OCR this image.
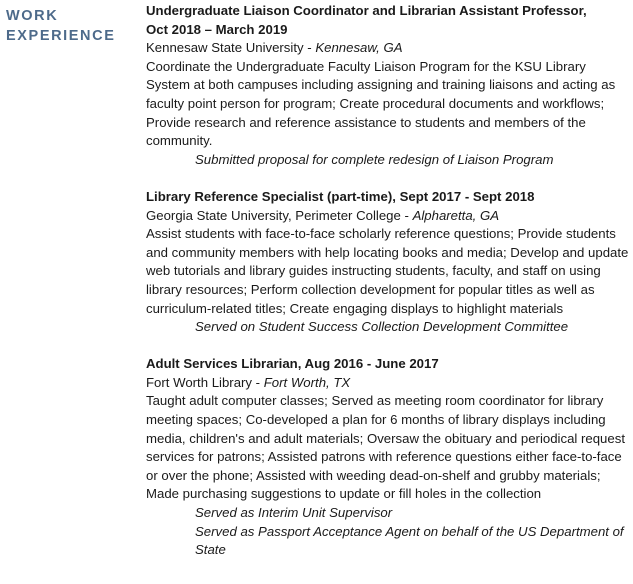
WORK
EXPERIENCE
Undergraduate Liaison Coordinator and Librarian Assistant Professor,
Oct 2018 – March 2019
Kennesaw State University - Kennesaw, GA
Coordinate the Undergraduate Faculty Liaison Program for the KSU Library System at both campuses including assigning and training liaisons and acting as faculty point person for program; Create procedural documents and workflows; Provide research and reference assistance to students and members of the community.
Submitted proposal for complete redesign of Liaison Program
Library Reference Specialist (part-time), Sept 2017 - Sept 2018
Georgia State University, Perimeter College - Alpharetta, GA
Assist students with face-to-face scholarly reference questions; Provide students and community members with help locating books and media; Develop and update web tutorials and library guides instructing students, faculty, and staff on using library resources; Perform collection development for popular titles as well as curriculum-related titles; Create engaging displays to highlight materials
Served on Student Success Collection Development Committee
Adult Services Librarian, Aug 2016 - June 2017
Fort Worth Library - Fort Worth, TX
Taught adult computer classes; Served as meeting room coordinator for library meeting spaces; Co-developed a plan for 6 months of library displays including media, children's and adult materials; Oversaw the obituary and periodical request services for patrons; Assisted patrons with reference questions either face-to-face or over the phone; Assisted with weeding dead-on-shelf and grubby materials; Made purchasing suggestions to update or fill holes in the collection
Served as Interim Unit Supervisor
Served as Passport Acceptance Agent on behalf of the US Department of State
